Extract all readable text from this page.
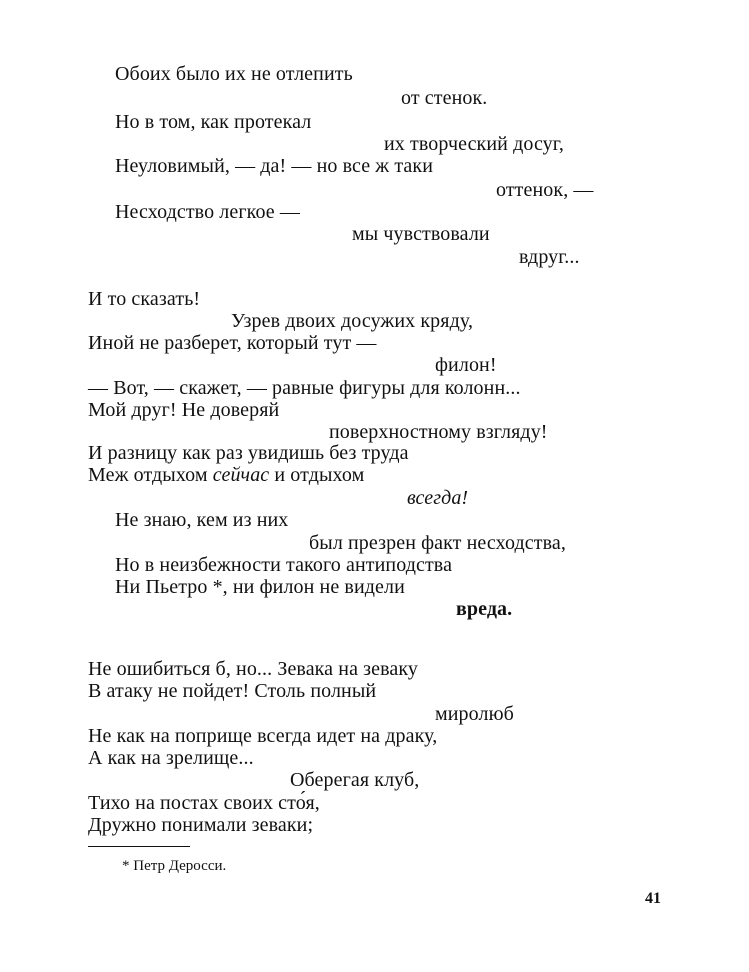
Обоих было их не отлепить
от стенок.
Но в том, как протекал
их творческий досуг,
Неуловимый, — да! — но все ж таки
оттенок, —
Несходство легкое —
мы чувствовали
вдруг...
И то сказать!
Узрев двоих досужих кряду,
Иной не разберет, который тут —
филон!
— Вот, — скажет, — равные фигуры для колонн...
Мой друг! Не доверяй
поверхностному взгляду!
И разницу как раз увидишь без труда
Меж отдыхом сейчас и отдыхом
всегда!
Не знаю, кем из них
был презрен факт несходства,
Но в неизбежности такого антиподства
Ни Пьетро *, ни филон не видели
вреда.
Не ошибиться б, но... Зевака на зеваку
В атаку не пойдет! Столь полный
миролюб
Не как на поприще всегда идет на драку,
А как на зрелище...
Оберегая клуб,
Тихо на постах своих сто́я,
Дружно понимали зеваки;
* Петр Деросси.
41
